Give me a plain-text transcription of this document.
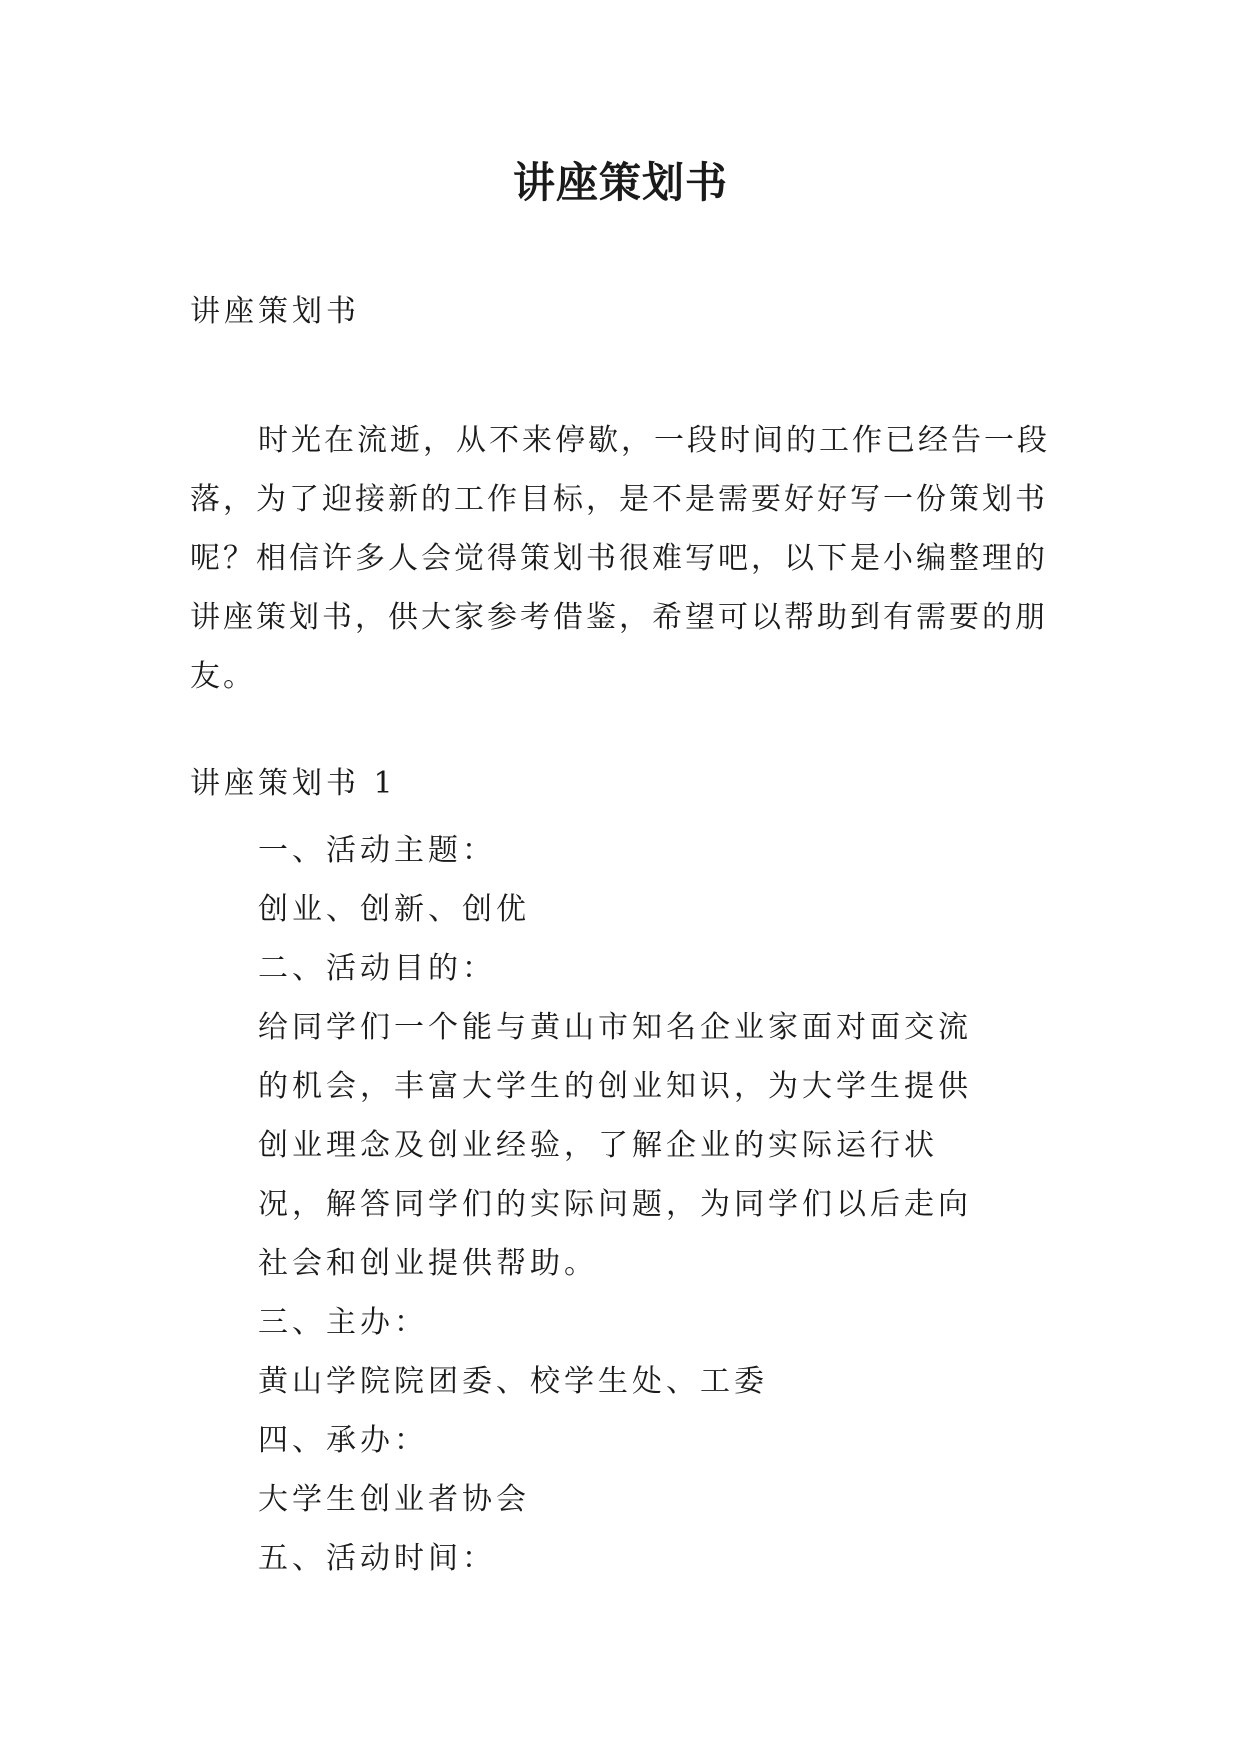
讲座策划书
讲座策划书

时光在流逝，从不来停歇，一段时间的工作已经告一段落，为了迎接新的工作目标，是不是需要好好写一份策划书呢？相信许多人会觉得策划书很难写吧，以下是小编整理的讲座策划书，供大家参考借鉴，希望可以帮助到有需要的朋友。

讲座策划书 1

一、活动主题：

创业、创新、创优

二、活动目的：

给同学们一个能与黄山市知名企业家面对面交流的机会，丰富大学生的创业知识，为大学生提供创业理念及创业经验，了解企业的实际运行状况，解答同学们的实际问题，为同学们以后走向社会和创业提供帮助。

三、主办：

黄山学院院团委、校学生处、工委

四、承办：

大学生创业者协会

五、活动时间：
